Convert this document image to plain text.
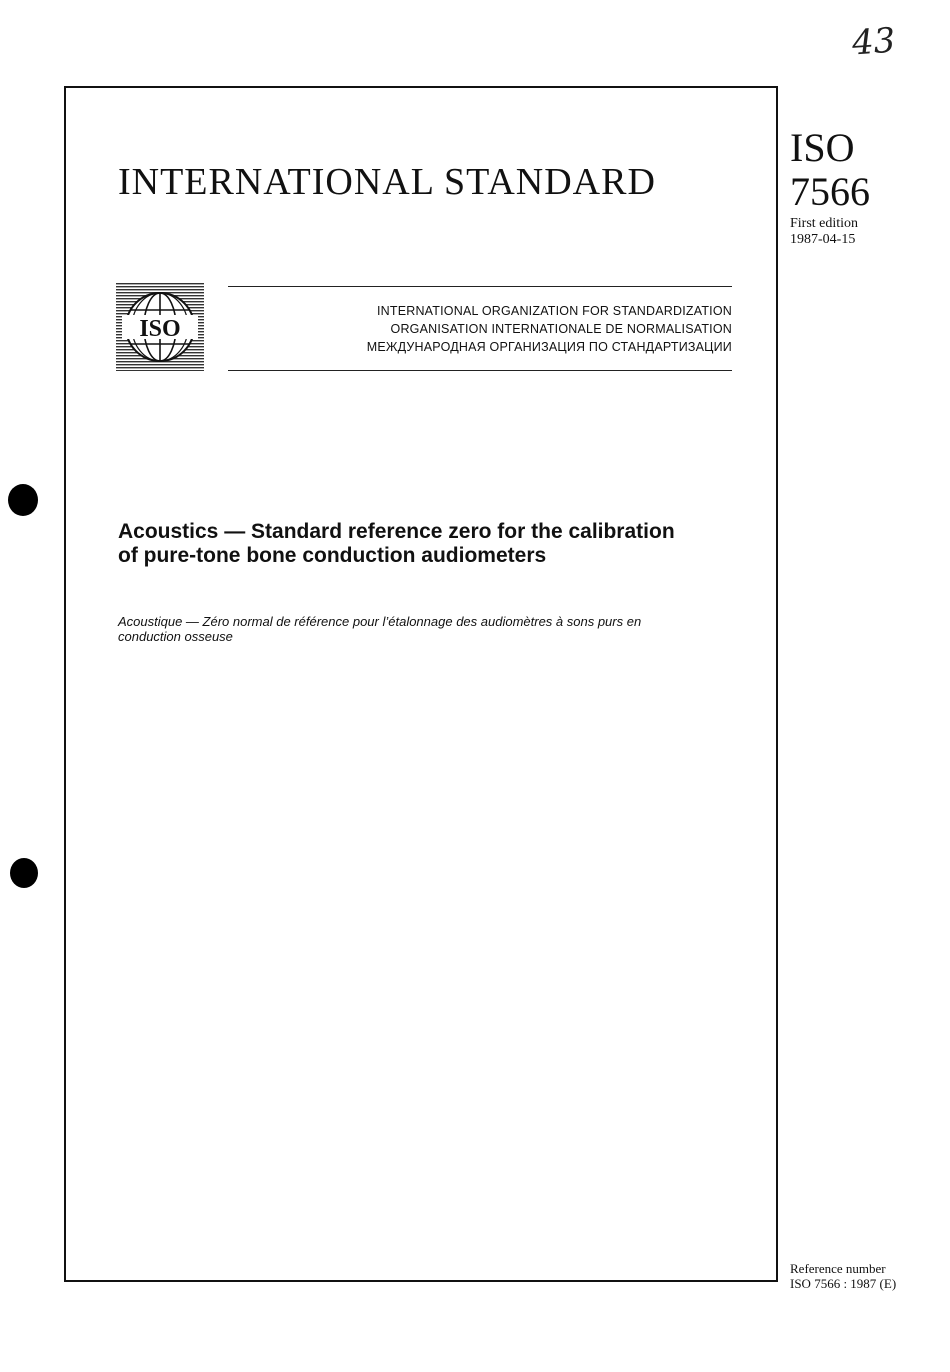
43
INTERNATIONAL STANDARD
ISO
7566
First edition
1987-04-15
ISO
INTERNATIONAL ORGANIZATION FOR STANDARDIZATION
ORGANISATION INTERNATIONALE DE NORMALISATION
МЕЖДУНАРОДНАЯ ОРГАНИЗАЦИЯ ПО СТАНДАРТИЗАЦИИ
Acoustics — Standard reference zero for the calibration
of pure-tone bone conduction audiometers
Acoustique — Zéro normal de référence pour l’étalonnage des audiomètres à sons purs en
conduction osseuse
Reference number
ISO 7566 : 1987 (E)
